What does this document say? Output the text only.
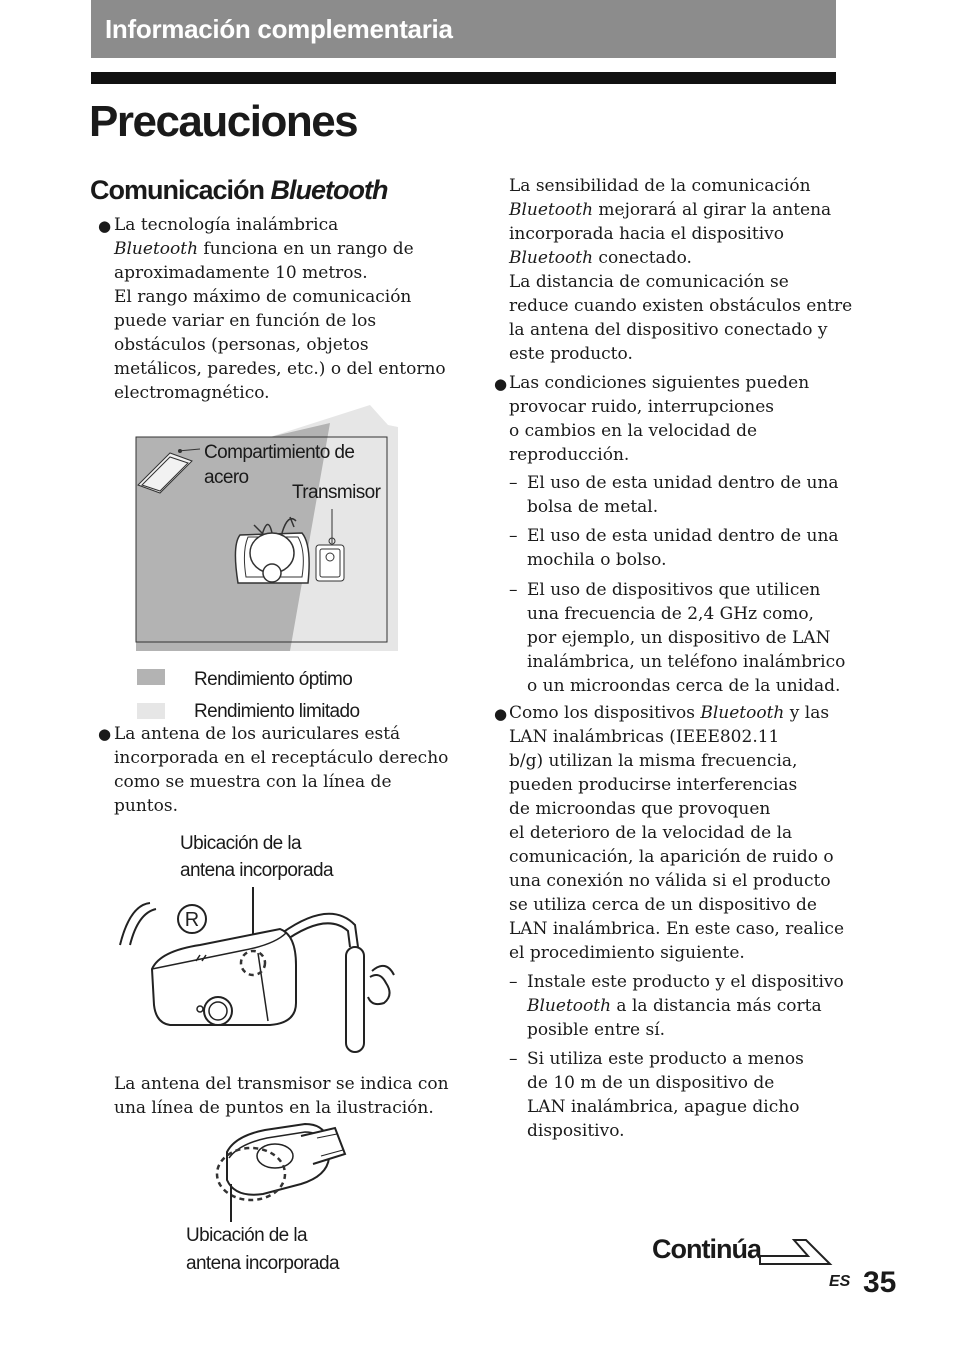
Información complementaria
Precauciones
Comunicación Bluetooth
● La tecnología inalámbrica
Bluetooth funciona en un rango de
aproximadamente 10 metros.
El rango máximo de comunicación
puede variar en función de los
obstáculos (personas, objetos
metálicos, paredes, etc.) o del entorno
electromagnético.
Compartimiento de acero
Transmisor
Rendimiento óptimo
Rendimiento limitado
● La antena de los auriculares está
incorporada en el receptáculo derecho
como se muestra con la línea de
puntos.
Ubicación de la
antena incorporada
R
La antena del transmisor se indica con
una línea de puntos en la ilustración.
Ubicación de la
antena incorporada
La sensibilidad de la comunicación
Bluetooth mejorará al girar la antena
incorporada hacia el dispositivo
Bluetooth conectado.
La distancia de comunicación se
reduce cuando existen obstáculos entre
la antena del dispositivo conectado y
este producto.
● Las condiciones siguientes pueden
provocar ruido, interrupciones
o cambios en la velocidad de
reproducción.
– El uso de esta unidad dentro de una
bolsa de metal.
– El uso de esta unidad dentro de una
mochila o bolso.
– El uso de dispositivos que utilicen
una frecuencia de 2,4 GHz como,
por ejemplo, un dispositivo de LAN
inalámbrica, un teléfono inalámbrico
o un microondas cerca de la unidad.
● Como los dispositivos Bluetooth y las
LAN inalámbricas (IEEE802.11
b/g) utilizan la misma frecuencia,
pueden producirse interferencias
de microondas que provoquen
el deterioro de la velocidad de la
comunicación, la aparición de ruido o
una conexión no válida si el producto
se utiliza cerca de un dispositivo de
LAN inalámbrica. En este caso, realice
el procedimiento siguiente.
– Instale este producto y el dispositivo
Bluetooth a la distancia más corta
posible entre sí.
– Si utiliza este producto a menos
de 10 m de un dispositivo de
LAN inalámbrica, apague dicho
dispositivo.
Continúa
ES 35
